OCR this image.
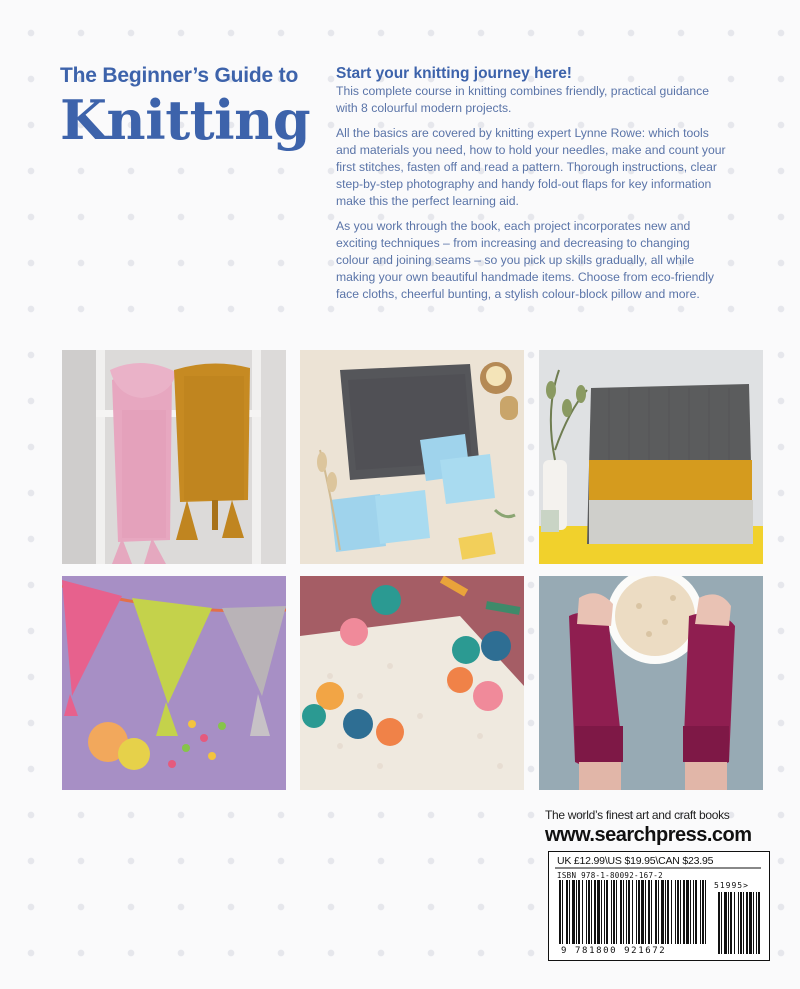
The Beginner’s Guide to
Knitting
Start your knitting journey here!

This complete course in knitting combines friendly, practical guidance with 8 colourful modern projects.

All the basics are covered by knitting expert Lynne Rowe: which tools and materials you need, how to hold your needles, make and count your first stitches, fasten off and read a pattern. Thorough instructions, clear step-by-step photography and handy fold-out flaps for key information make this the perfect learning aid.

As you work through the book, each project incorporates new and exciting techniques – from increasing and decreasing to changing colour and joining seams – so you pick up skills gradually, all while making your own beautiful handmade items. Choose from eco-friendly face cloths, cheerful bunting, a stylish colour-block pillow and more.

The world’s finest art and craft books
www.searchpress.com
UK £12.99\US $19.95\CAN $23.95
ISBN 978-1-80092-167-2
51995>
9 781800 921672
